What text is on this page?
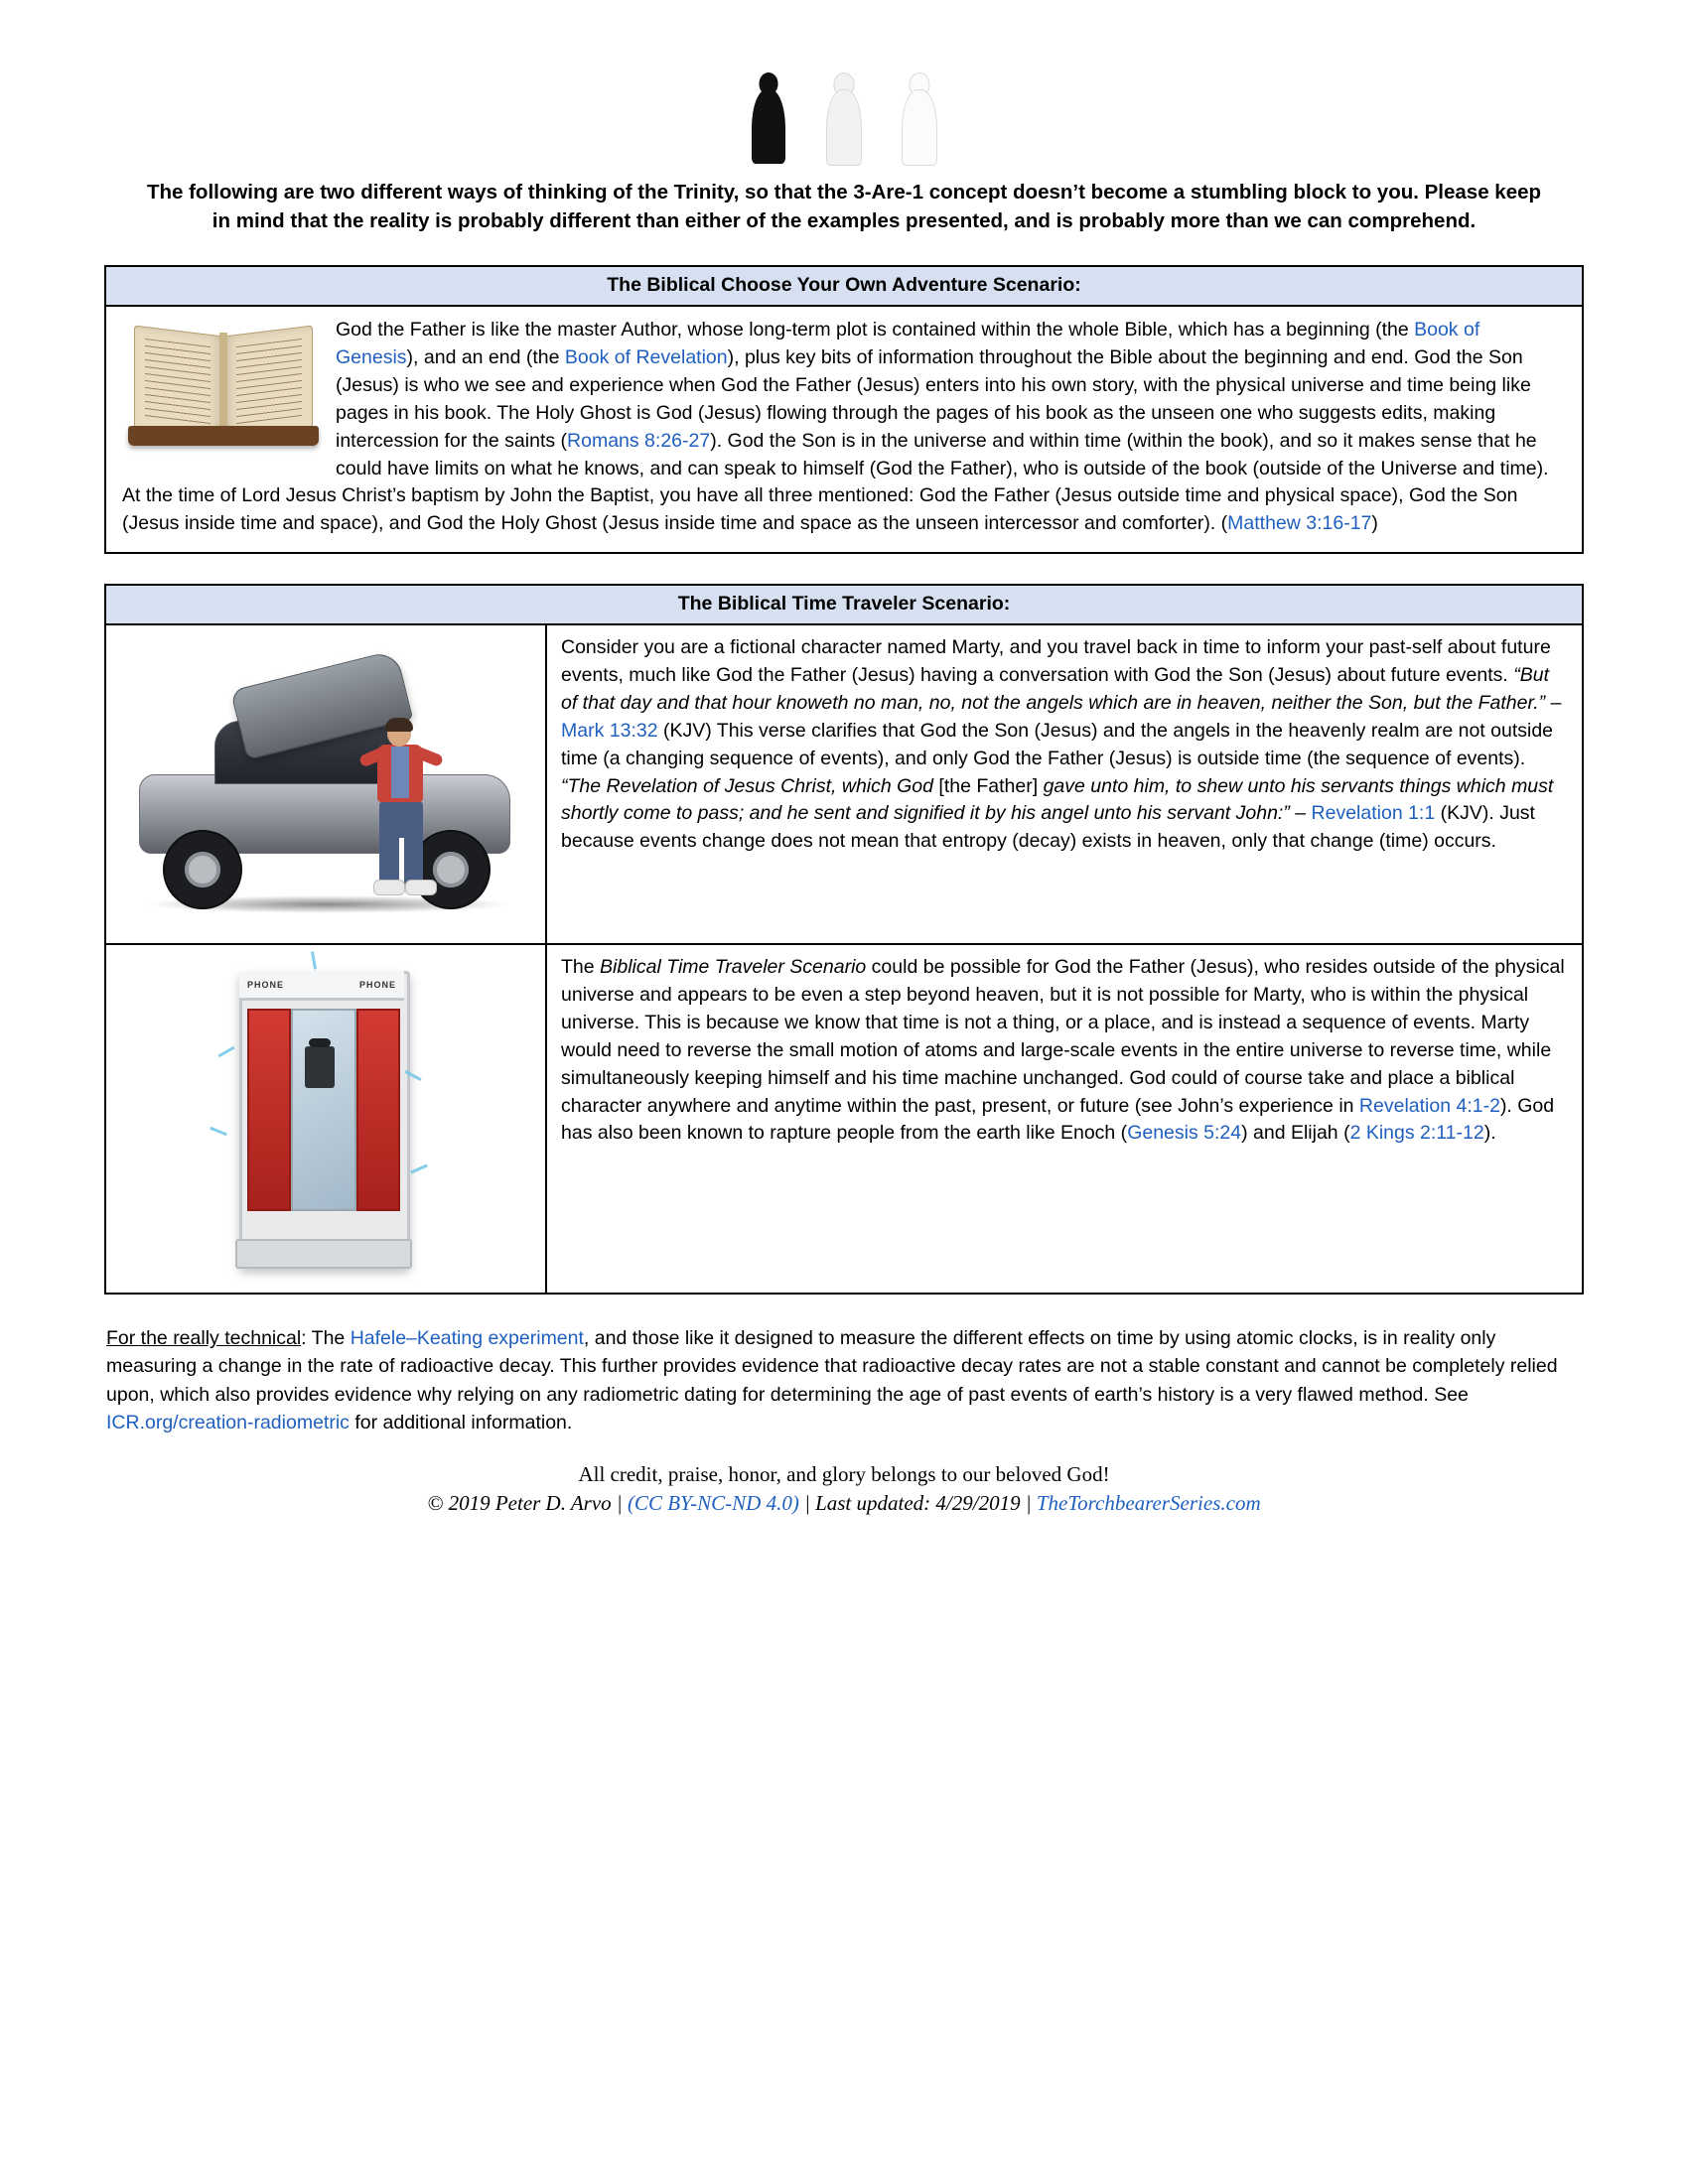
The following are two different ways of thinking of the Trinity, so that the 3-Are-1 concept doesn’t become a stumbling block to you. Please keep in mind that the reality is probably different than either of the examples presented, and is probably more than we can comprehend.
The Biblical Choose Your Own Adventure Scenario:
God the Father is like the master Author, whose long-term plot is contained within the whole Bible, which has a beginning (the Book of Genesis), and an end (the Book of Revelation), plus key bits of information throughout the Bible about the beginning and end. God the Son (Jesus) is who we see and experience when God the Father (Jesus) enters into his own story, with the physical universe and time being like pages in his book. The Holy Ghost is God (Jesus) flowing through the pages of his book as the unseen one who suggests edits, making intercession for the saints (Romans 8:26-27). God the Son is in the universe and within time (within the book), and so it makes sense that he could have limits on what he knows, and can speak to himself (God the Father), who is outside of the book (outside of the Universe and time). At the time of Lord Jesus Christ’s baptism by John the Baptist, you have all three mentioned: God the Father (Jesus outside time and physical space), God the Son (Jesus inside time and space), and God the Holy Ghost (Jesus inside time and space as the unseen intercessor and comforter). (Matthew 3:16-17)
The Biblical Time Traveler Scenario:
Consider you are a fictional character named Marty, and you travel back in time to inform your past-self about future events, much like God the Father (Jesus) having a conversation with God the Son (Jesus) about future events. “But of that day and that hour knoweth no man, no, not the angels which are in heaven, neither the Son, but the Father.” – Mark 13:32 (KJV) This verse clarifies that God the Son (Jesus) and the angels in the heavenly realm are not outside time (a changing sequence of events), and only God the Father (Jesus) is outside time (the sequence of events). “The Revelation of Jesus Christ, which God [the Father] gave unto him, to shew unto his servants things which must shortly come to pass; and he sent and signified it by his angel unto his servant John:” – Revelation 1:1 (KJV). Just because events change does not mean that entropy (decay) exists in heaven, only that change (time) occurs.
PHONE	PHONE
The Biblical Time Traveler Scenario could be possible for God the Father (Jesus), who resides outside of the physical universe and appears to be even a step beyond heaven, but it is not possible for Marty, who is within the physical universe. This is because we know that time is not a thing, or a place, and is instead a sequence of events. Marty would need to reverse the small motion of atoms and large-scale events in the entire universe to reverse time, while simultaneously keeping himself and his time machine unchanged. God could of course take and place a biblical character anywhere and anytime within the past, present, or future (see John’s experience in Revelation 4:1-2). God has also been known to rapture people from the earth like Enoch (Genesis 5:24) and Elijah (2 Kings 2:11-12).
For the really technical: The Hafele–Keating experiment, and those like it designed to measure the different effects on time by using atomic clocks, is in reality only measuring a change in the rate of radioactive decay. This further provides evidence that radioactive decay rates are not a stable constant and cannot be completely relied upon, which also provides evidence why relying on any radiometric dating for determining the age of past events of earth’s history is a very flawed method. See ICR.org/creation-radiometric for additional information.
All credit, praise, honor, and glory belongs to our beloved God!
© 2019 Peter D. Arvo | (CC BY-NC-ND 4.0) | Last updated: 4/29/2019 | TheTorchbearerSeries.com
